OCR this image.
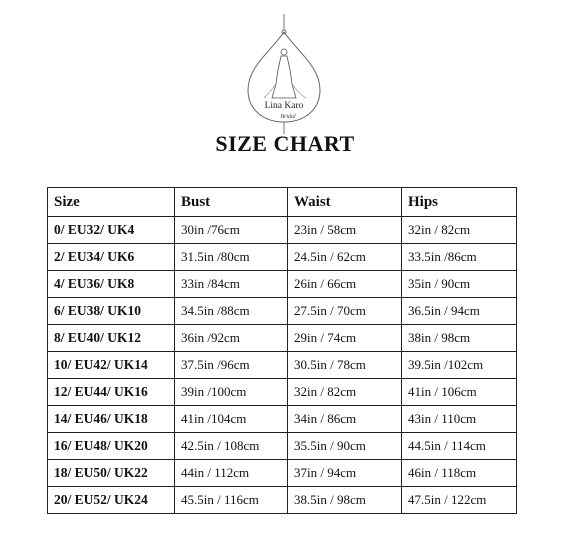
Lina Karo
Bridal
SIZE CHART
Size	Bust	Waist	Hips
0/ EU32/ UK4	30in /76cm	23in / 58cm	32in / 82cm
2/ EU34/ UK6	31.5in /80cm	24.5in / 62cm	33.5in /86cm
4/ EU36/ UK8	33in /84cm	26in / 66cm	35in / 90cm
6/ EU38/ UK10	34.5in /88cm	27.5in / 70cm	36.5in / 94cm
8/ EU40/ UK12	36in /92cm	29in / 74cm	38in / 98cm
10/ EU42/ UK14	37.5in /96cm	30.5in / 78cm	39.5in /102cm
12/ EU44/ UK16	39in /100cm	32in / 82cm	41in / 106cm
14/ EU46/ UK18	41in /104cm	34in / 86cm	43in / 110cm
16/ EU48/ UK20	42.5in / 108cm	35.5in / 90cm	44.5in / 114cm
18/ EU50/ UK22	44in / 112cm	37in / 94cm	46in / 118cm
20/ EU52/ UK24	45.5in / 116cm	38.5in / 98cm	47.5in / 122cm
